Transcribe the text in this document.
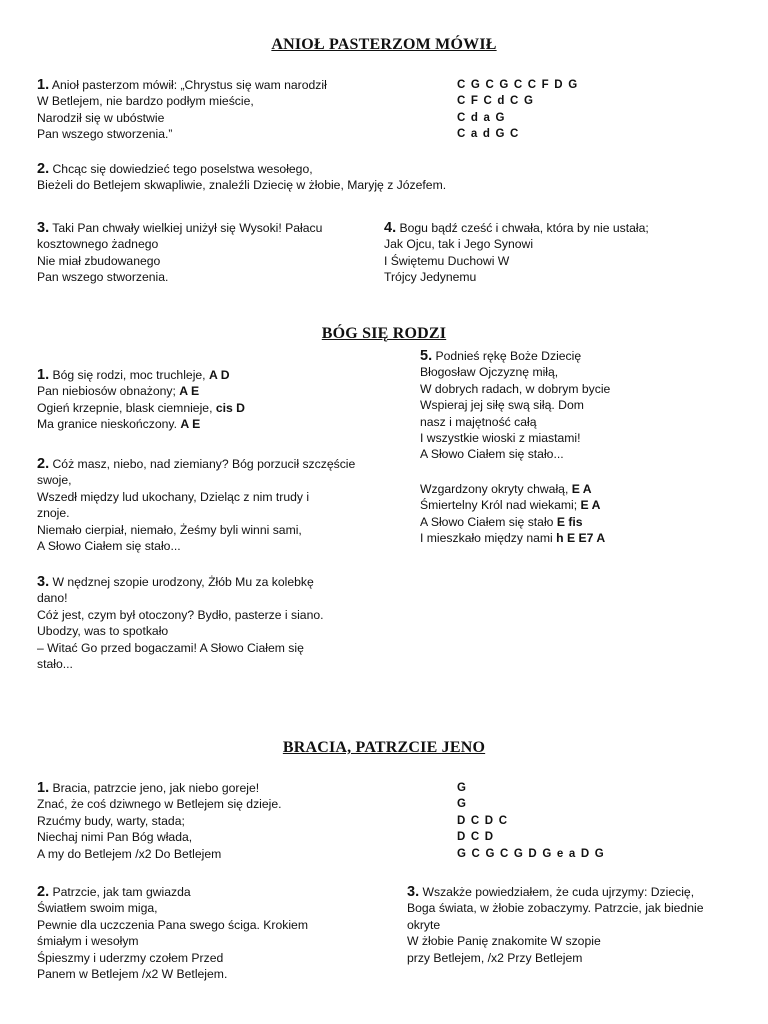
ANIOŁ PASTERZOM MÓWIŁ
1. Anioł pasterzom mówił: „Chrystus się wam narodził
W Betlejem, nie bardzo podłym mieście,
Narodził się w ubóstwie
Pan wszego stworzenia.”
C G C G C C F D G
C F C d C G
C d a G
C a d G C
2. Chcąc się dowiedzieć tego poselstwa wesołego,
Bieżeli do Betlejem skwapliwie, znaleźli Dziecię w żłobie, Maryję z Józefem.
3. Taki Pan chwały wielkiej uniżył się Wysoki! Pałacu
kosztownego żadnego
Nie miał zbudowanego
Pan wszego stworzenia.
4. Bogu bądź cześć i chwała, która by nie ustała;
Jak Ojcu, tak i Jego Synowi
I Świętemu Duchowi W
Trójcy Jedynemu
BÓG SIĘ RODZI
1. Bóg się rodzi, moc truchleje, A D
Pan niebiosów obnażony; A E
Ogień krzepnie, blask ciemnieje, cis D
Ma granice nieskończony. A E
2. Cóż masz, niebo, nad ziemiany? Bóg porzucił szczęście
swoje,
Wszedł między lud ukochany, Dzieląc z nim trudy i
znoje.
Niemało cierpiał, niemało, Żeśmy byli winni sami,
A Słowo Ciałem się stało...
3. W nędznej szopie urodzony, Żłób Mu za kolebkę
dano!
Cóż jest, czym był otoczony? Bydło, pasterze i siano.
Ubodzy, was to spotkało
– Witać Go przed bogaczami! A Słowo Ciałem się
stało...
5. Podnieś rękę Boże Dziecię
Błogosław Ojczyznę miłą,
W dobrych radach, w dobrym bycie
Wspieraj jej siłę swą siłą. Dom
nasz i majętność całą
I wszystkie wioski z miastami!
A Słowo Ciałem się stało...
Wzgardzony okryty chwałą, E A
Śmiertelny Król nad wiekami; E A
A Słowo Ciałem się stało E fis
I mieszkało między nami h E E7 A
BRACIA, PATRZCIE JENO
1. Bracia, patrzcie jeno, jak niebo goreje!
Znać, że coś dziwnego w Betlejem się dzieje.
Rzućmy budy, warty, stada;
Niechaj nimi Pan Bóg włada,
A my do Betlejem /x2 Do Betlejem
G
G
D C D C
D C D
G C G C G D G e a D G
2. Patrzcie, jak tam gwiazda
Światłem swoim miga,
Pewnie dla uczczenia Pana swego ściga. Krokiem
śmiałym i wesołym
Śpieszmy i uderzmy czołem Przed
Panem w Betlejem /x2 W Betlejem.
3. Wszakże powiedziałem, że cuda ujrzymy: Dziecię,
Boga świata, w żłobie zobaczymy. Patrzcie, jak biednie
okryte
W żłobie Panię znakomite W szopie
przy Betlejem, /x2 Przy Betlejem
